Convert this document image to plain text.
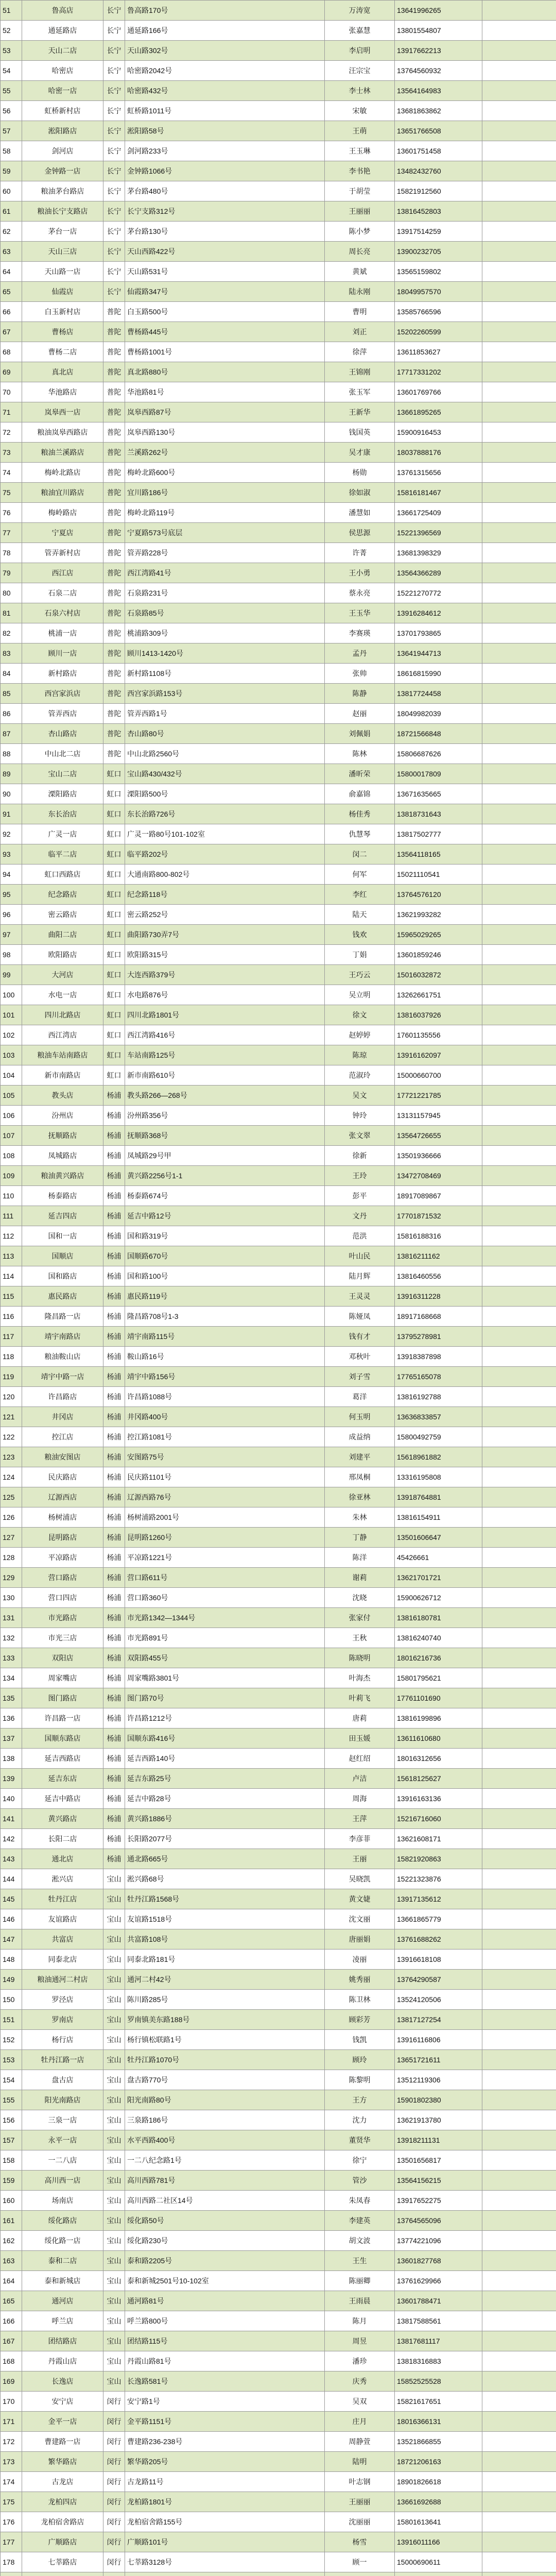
51	鲁高店	长宁	鲁高路170号	万涛宽	13641996265	
52	通延路店	长宁	通延路166号	张嘉慧	13801554807	
53	天山二店	长宁	天山路302号	李启明	13917662213	
54	哈密店	长宁	哈密路2042号	汪宗宝	13764560932	
55	哈密一店	长宁	哈密路432号	李士林	13564164983	
56	虹桥新村店	长宁	虹桥路1011号	宋敏	13681863862	
57	淞阳路店	长宁	淞阳路58号	王萌	13651766508	
58	剑河店	长宁	剑河路233号	王玉琳	13601751458	
59	金钟路一店	长宁	金钟路1066号	李书艳	13482432760	
60	粮油茅台路店	长宁	茅台路480号	于胡莹	15821912560	
61	粮油长宁支路店	长宁	长宁支路312号	王丽丽	13816452803	
62	茅台一店	长宁	茅台路130号	陈小梦	13917514259	
63	天山三店	长宁	天山西路422号	周长亮	13900232705	
64	天山路一店	长宁	天山路531号	黄斌	13565159802	
65	仙霞店	长宁	仙霞路347号	陆永刚	18049957570	
66	白玉新村店	普陀	白玉路500号	曹明	13585766596	
67	曹杨店	普陀	曹杨路445号	刘正	15202260599	
68	曹杨二店	普陀	曹杨路1001号	徐萍	13611853627	
69	真北店	普陀	真北路880号	王锦刚	17717331202	
70	华池路店	普陀	华池路81号	张玉军	13601769766	
71	岚皋西一店	普陀	岚皋西路87号	王新华	13661895265	
72	粮油岚皋西路店	普陀	岚皋西路130号	钱国英	15900916453	
73	粮油兰溪路店	普陀	兰溪路262号	吴才康	18037888176	
74	梅岭北路店	普陀	梅岭北路600号	杨勋	13761315656	
75	粮油宜川路店	普陀	宜川路186号	徐如淑	15816181467	
76	梅岭路店	普陀	梅岭北路119号	潘慧如	13661725409	
77	宁夏店	普陀	宁夏路573号底层	侯思源	15221396569	
78	管弄新村店	普陀	管弄路228号	许菁	13681398329	
79	西江店	普陀	西江湾路41号	王小勇	13564366289	
80	石泉二店	普陀	石泉路231号	蔡永亮	15221270772	
81	石泉六村店	普陀	石泉路85号	王玉华	13916284612	
82	桃浦一店	普陀	桃浦路309号	李赛瑛	13701793865	
83	顾川一店	普陀	顾川1413-1420号	孟丹	13641944713	
84	新村路店	普陀	新村路1108号	张帅	18616815990	
85	西宫家浜店	普陀	西宫家浜路153号	陈静	13817724458	
86	管弄西店	普陀	管弄西路1号	赵丽	18049982039	
87	杏山路店	普陀	杏山路80号	刘佩娟	18721566848	
88	中山北二店	普陀	中山北路2560号	陈林	15806687626	
89	宝山二店	虹口	宝山路430/432号	潘昕荣	15800017809	
90	溧阳路店	虹口	溧阳路500号	俞嘉锦	13671635665	
91	东长治店	虹口	东长治路726号	杨佳秀	13818731643	
92	广灵一店	虹口	广灵一路80号101-102室	仇慧琴	13817502777	
93	临平二店	虹口	临平路202号	闵二	13564118165	
94	虹口西路店	虹口	大通南路800-802号	何军	15021110541	
95	纪念路店	虹口	纪念路118号	李红	13764576120	
96	密云路店	虹口	密云路252号	陆天	13621993282	
97	曲阳二店	虹口	曲阳路730弄7号	钱欢	15965029265	
98	欧阳路店	虹口	欧阳路315号	丁娟	13601859246	
99	大河店	虹口	大连西路379号	王巧云	15016032872	
100	水电一店	虹口	水电路876号	吴立明	13262661751	
101	四川北路店	虹口	四川北路1801号	徐文	13816037926	
102	西江湾店	虹口	西江湾路416号	赵婷婷	17601135556	
103	粮油车站南路店	虹口	车站南路125号	陈琼	13916162097	
104	新市南路店	虹口	新市南路610号	范淑玲	15000660700	
105	教头店	杨浦	教头路266—268号	吴文	17721221785	
106	汾州店	杨浦	汾州路356号	钟玲	13131157945	
107	抚顺路店	杨浦	抚顺路368号	张文翠	13564726655	
108	凤城路店	杨浦	凤城路29号甲	徐新	13501936666	
109	粮油黄兴路店	杨浦	黄兴路2256号1-1	王玲	13472708469	
110	杨泰路店	杨浦	杨泰路674号	彭平	18917089867	
111	延吉四店	杨浦	延吉中路12号	文丹	17701871532	
112	国和一店	杨浦	国和路319号	范洪	15816188316	
113	国顺店	杨浦	国顺路670号	叶山民	13816211162	
114	国和路店	杨浦	国和路100号	陆月辉	13816460556	
115	惠民路店	杨浦	惠民路119号	王灵灵	13916311228	
116	隆昌路一店	杨浦	隆昌路708号1-3	陈娅凤	18917168668	
117	靖宇南路店	杨浦	靖宇南路115号	钱有才	13795278981	
118	粮油鞍山店	杨浦	鞍山路16号	邓秋叶	13918387898	
119	靖宇中路一店	杨浦	靖宇中路156号	刘子雪	17765165078	
120	许昌路店	杨浦	许昌路1088号	葛洋	13816192788	
121	井冈店	杨浦	井冈路400号	何玉明	13636833857	
122	控江店	杨浦	控江路1081号	成益纳	15800492759	
123	粮油安图店	杨浦	安图路75号	刘建平	15618961882	
124	民庆路店	杨浦	民庆路1101号	邢凤桐	13316195808	
125	辽源西店	杨浦	辽源西路76号	徐亚林	13918764881	
126	杨树浦店	杨浦	杨树浦路2001号	朱林	13816154911	
127	昆明路店	杨浦	昆明路1260号	丁静	13501606647	
128	平凉路店	杨浦	平凉路1221号	陈洋	45426661	
129	营口路店	杨浦	营口路611号	谢莉	13621701721	
130	营口四店	杨浦	营口路360号	沈晓	15900626712	
131	市光路店	杨浦	市光路1342—1344号	张家付	13816180781	
132	市光三店	杨浦	市光路891号	王秋	13816240740	
133	双阳店	杨浦	双阳路455号	陈晓明	18016216736	
134	周家嘴店	杨浦	周家嘴路3801号	叶海杰	15801795621	
135	图门路店	杨浦	图门路70号	叶莉飞	17761101690	
136	许昌路一店	杨浦	许昌路1212号	唐莉	13816199896	
137	国顺东路店	杨浦	国顺东路416号	田玉媛	13611610680	
138	延吉西路店	杨浦	延吉西路140号	赵红绍	18016312656	
139	延吉东店	杨浦	延吉东路25号	卢洁	15618125627	
140	延吉中路店	杨浦	延吉中路28号	周海	13916163136	
141	黄兴路店	杨浦	黄兴路1886号	王萍	15216716060	
142	长阳二店	杨浦	长阳路2077号	李彦菲	13621608171	
143	通北店	杨浦	通北路665号	王丽	15821920863	
144	淞兴店	宝山	淞兴路68号	吴晓凯	15221323876	
145	牡丹江店	宝山	牡丹江路1568号	黄文婕	13917135612	
146	友谊路店	宝山	友谊路1518号	沈文丽	13661865779	
147	共富店	宝山	共富路108号	唐丽娟	13761688262	
148	同泰北店	宝山	同泰北路181号	凌丽	13916618108	
149	粮油通河二村店	宝山	通河二村42号	姚秀丽	13764290587	
150	罗泾店	宝山	陈川路285号	陈卫林	13524120506	
151	罗南店	宝山	罗南镇美东路188号	顾彩芳	13817127254	
152	杨行店	宝山	杨行镇松联路1号	钱凯	13916116806	
153	牡丹江路一店	宝山	牡丹江路1070号	顾玲	13651721611	
154	盘古店	宝山	盘古路770号	陈黎明	13512119306	
155	阳光南路店	宝山	阳光南路80号	王方	15901802380	
156	三泉一店	宝山	三泉路186号	沈力	13621913780	
157	永平一店	宝山	水平西路400号	董贤华	13918211131	
158	一二八店	宝山	一二八纪念路1号	徐宁	13501656817	
159	高川西一店	宝山	高川西路781号	管沙	13564156215	
160	场南店	宝山	高川西路二社区14号	朱凤春	13917652275	
161	绥化路店	宝山	绥化路50号	李建英	13764565096	
162	绥化路一店	宝山	绥化路230号	胡文波	13774221096	
163	泰和二店	宝山	泰和路2205号	王生	13601827768	
164	泰和新城店	宝山	泰和新城2501号10-102室	陈丽卿	13761629966	
165	通河店	宝山	通河路81号	王雨晨	13601788471	
166	呼兰店	宝山	呼兰路800号	陈月	13817588561	
167	团结路店	宝山	团结路115号	周昱	13817681117	
168	丹霞山店	宝山	丹霞山路81号	潘珍	13818316883	
169	长逸店	宝山	长逸路581号	庆秀	15852525528	
170	安宁店	闵行	安宁路1号	吴双	15821617651	
171	金平一店	闵行	金平路1151号	庄月	18016366131	
172	曹建路一店	闵行	曹建路236-238号	周静萱	13521866855	
173	繁华路店	闵行	繁华路205号	陆明	18721206163	
174	古龙店	闵行	古龙路11号	叶志钢	18901826618	
175	龙柏四店	闵行	龙柏路1801号	王丽丽	13661692688	
176	龙柏宿舍路店	闵行	龙柏宿舍路155号	沈丽丽	15801613641	
177	广顺路店	闵行	广顺路101号	杨雪	13916011166	
178	七莘路店	闵行	七莘路3128号	顾一	15000690611	
